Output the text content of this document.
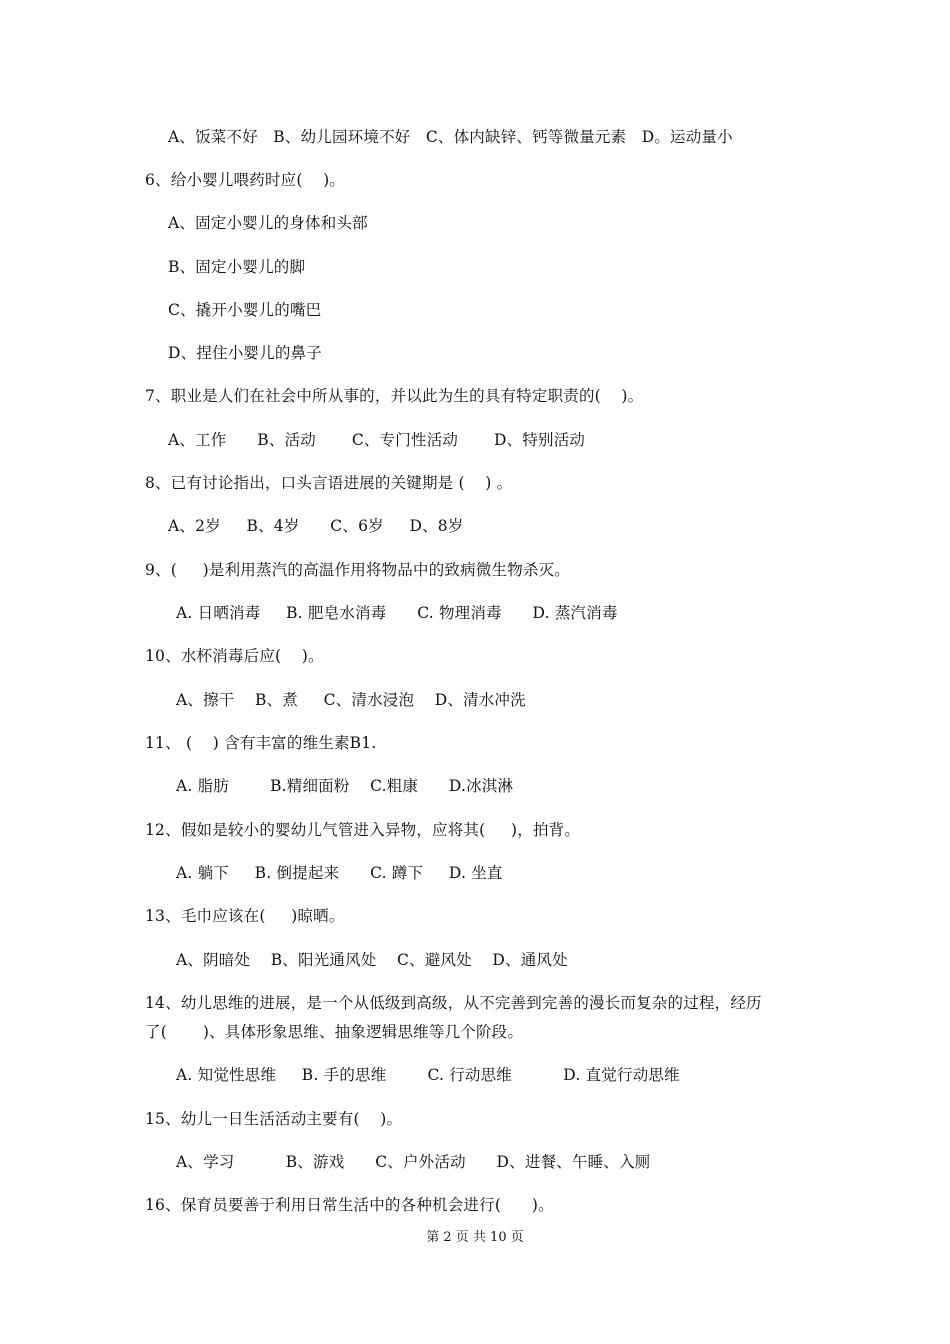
A、饭菜不好   B、幼儿园环境不好   C、体内缺锌、钙等微量元素   D。运动量小
6、给小婴儿喂药时应(    )。
A、固定小婴儿的身体和头部
B、固定小婴儿的脚
C、撬开小婴儿的嘴巴
D、捏住小婴儿的鼻子
7、职业是人们在社会中所从事的，并以此为生的具有特定职责的(    )。
A、工作      B、活动       C、专门性活动       D、特别活动
8、已有讨论指出，口头言语进展的关键期是 (    ) 。
A、2岁     B、4岁      C、6岁     D、8岁
9、(     )是利用蒸汽的高温作用将物品中的致病微生物杀灭。
A. 日晒消毒     B. 肥皂水消毒      C. 物理消毒      D. 蒸汽消毒
10、水杯消毒后应(    )。
A、擦干    B、煮     C、清水浸泡    D、清水冲洗
11、 (    ) 含有丰富的维生素B1.
A. 脂肪        B.精细面粉    C.粗康      D.冰淇淋
12、假如是较小的婴幼儿气管进入异物，应将其(     )，拍背。
A. 躺下     B. 倒提起来      C. 蹲下     D. 坐直
13、毛巾应该在(     )晾晒。
A、阴暗处    B、阳光通风处    C、避风处    D、通风处
14、幼儿思维的进展，是一个从低级到高级，从不完善到完善的漫长而复杂的过程，经历
了(       )、具体形象思维、抽象逻辑思维等几个阶段。
A. 知觉性思维     B. 手的思维        C. 行动思维          D. 直觉行动思维
15、幼儿一日生活活动主要有(    )。
A、学习          B、游戏      C、户外活动      D、进餐、午睡、入厕
16、保育员要善于利用日常生活中的各种机会进行(      )。
第 2 页 共 10 页
